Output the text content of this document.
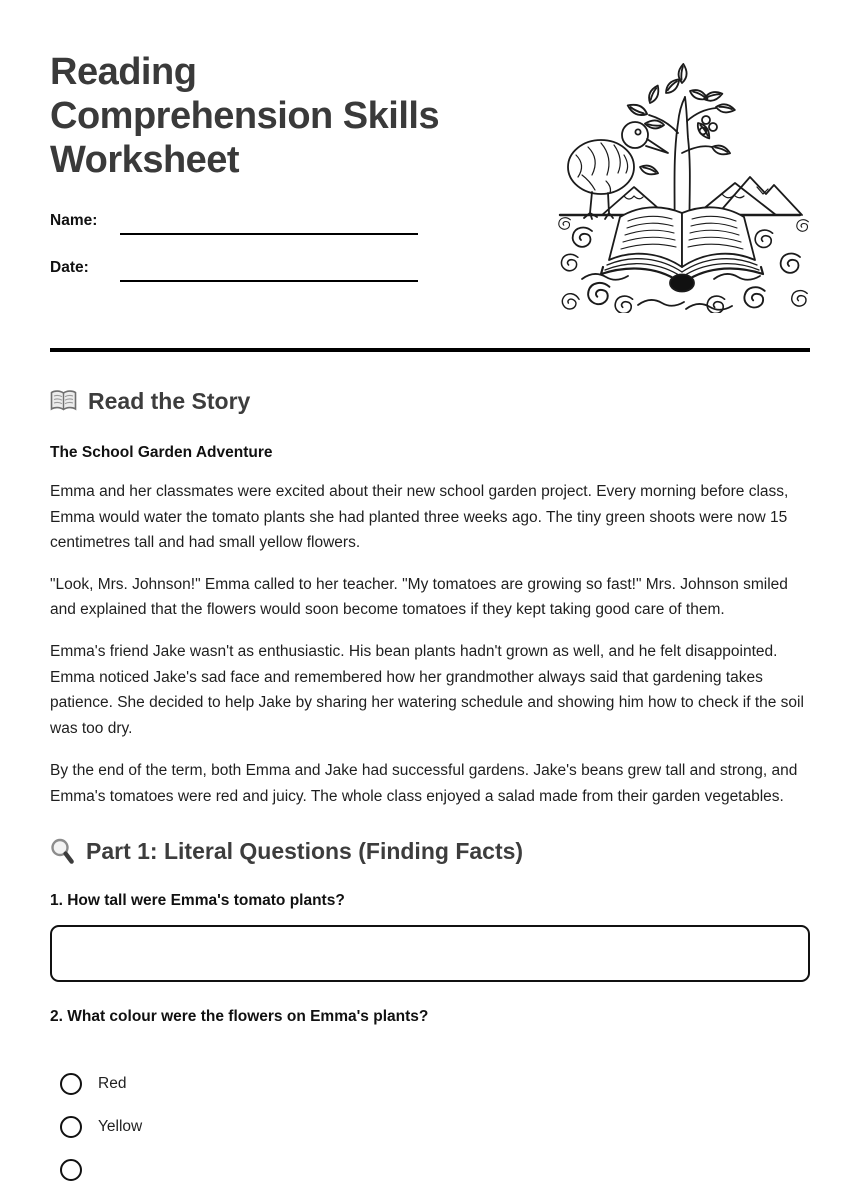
Reading
Comprehension Skills
Worksheet
Name:
Date:
Read the Story

The School Garden Adventure

Emma and her classmates were excited about their new school garden project. Every morning before class, Emma would water the tomato plants she had planted three weeks ago. The tiny green shoots were now 15 centimetres tall and had small yellow flowers.

"Look, Mrs. Johnson!" Emma called to her teacher. "My tomatoes are growing so fast!" Mrs. Johnson smiled and explained that the flowers would soon become tomatoes if they kept taking good care of them.

Emma's friend Jake wasn't as enthusiastic. His bean plants hadn't grown as well, and he felt disappointed. Emma noticed Jake's sad face and remembered how her grandmother always said that gardening takes patience. She decided to help Jake by sharing her watering schedule and showing him how to check if the soil was too dry.

By the end of the term, both Emma and Jake had successful gardens. Jake's beans grew tall and strong, and Emma's tomatoes were red and juicy. The whole class enjoyed a salad made from their garden vegetables.

Part 1: Literal Questions (Finding Facts)

1. How tall were Emma's tomato plants?

2. What colour were the flowers on Emma's plants?

Red
Yellow
